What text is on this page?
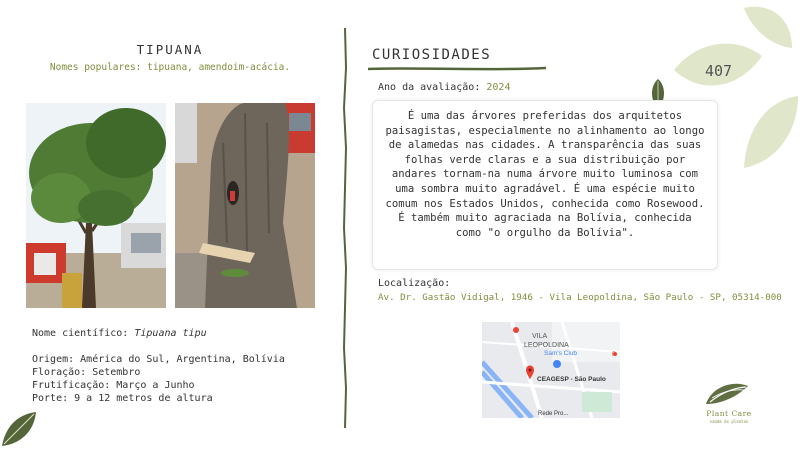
407
TIPUANA
Nomes populares: tipuana, amendoim-acácia.
Nome científico: Tipuana tipu
Origem: América do Sul, Argentina, Bolívia
Floração: Setembro
Frutificação: Março a Junho
Porte: 9 a 12 metros de altura
CURIOSIDADES
Ano da avaliação: 2024

É uma das árvores preferidas dos arquitetos paisagistas, especialmente no alinhamento ao longo de alamedas nas cidades. A transparência das suas folhas verde claras e a sua distribuição por andares tornam-na numa árvore muito luminosa com uma sombra muito agradável. É uma espécie muito comum nos Estados Unidos, conhecida como Rosewood. É também muito agraciada na Bolívia, conhecida como "o orgulho da Bolívia".

Localização:
Av. Dr. Gastão Vidigal, 1946 - Vila Leopoldina, São Paulo - SP, 05314-000
VILA
LEOPOLDINA
Sam's Club
CEAGESP - São Paulo
Rede Pro...
P
Plant Care
saúde às plantas
